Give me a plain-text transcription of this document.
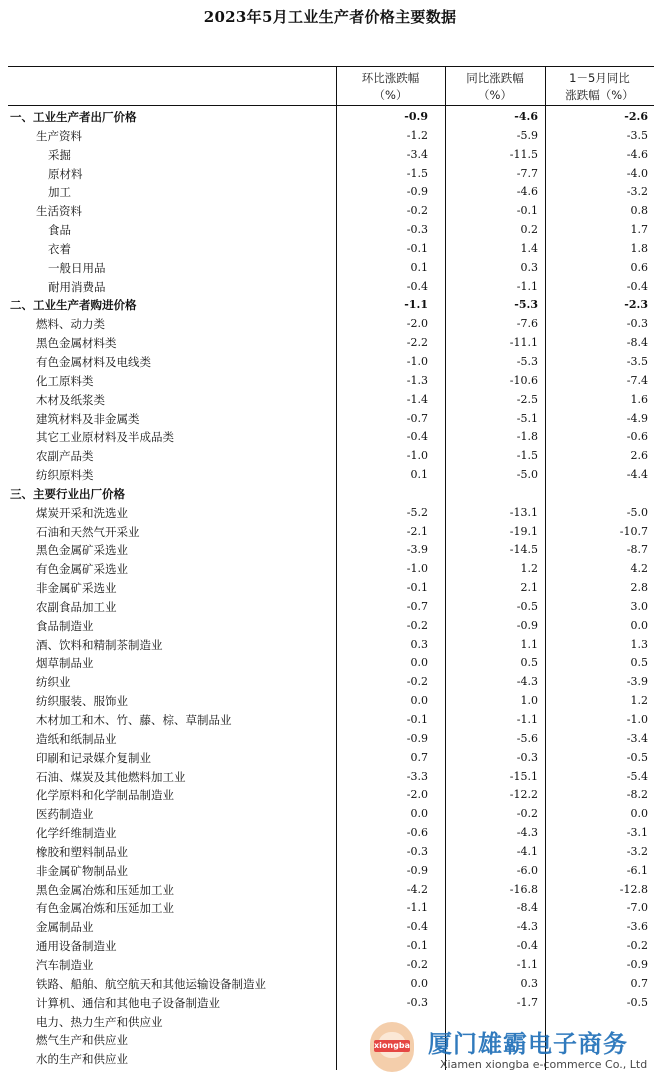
2023年5月工业生产者价格主要数据
环比涨跌幅
（%）
同比涨跌幅
（%）
1－5月同比
涨跌幅（%）
一、工业生产者出厂价格	-0.9	-4.6	-2.6
生产资料	-1.2	-5.9	-3.5
采掘	-3.4	-11.5	-4.6
原材料	-1.5	-7.7	-4.0
加工	-0.9	-4.6	-3.2
生活资料	-0.2	-0.1	0.8
食品	-0.3	0.2	1.7
衣着	-0.1	1.4	1.8
一般日用品	0.1	0.3	0.6
耐用消费品	-0.4	-1.1	-0.4
二、工业生产者购进价格	-1.1	-5.3	-2.3
燃料、动力类	-2.0	-7.6	-0.3
黑色金属材料类	-2.2	-11.1	-8.4
有色金属材料及电线类	-1.0	-5.3	-3.5
化工原料类	-1.3	-10.6	-7.4
木材及纸浆类	-1.4	-2.5	1.6
建筑材料及非金属类	-0.7	-5.1	-4.9
其它工业原材料及半成品类	-0.4	-1.8	-0.6
农副产品类	-1.0	-1.5	2.6
纺织原料类	0.1	-5.0	-4.4
三、主要行业出厂价格
煤炭开采和洗选业	-5.2	-13.1	-5.0
石油和天然气开采业	-2.1	-19.1	-10.7
黑色金属矿采选业	-3.9	-14.5	-8.7
有色金属矿采选业	-1.0	1.2	4.2
非金属矿采选业	-0.1	2.1	2.8
农副食品加工业	-0.7	-0.5	3.0
食品制造业	-0.2	-0.9	0.0
酒、饮料和精制茶制造业	0.3	1.1	1.3
烟草制品业	0.0	0.5	0.5
纺织业	-0.2	-4.3	-3.9
纺织服装、服饰业	0.0	1.0	1.2
木材加工和木、竹、藤、棕、草制品业	-0.1	-1.1	-1.0
造纸和纸制品业	-0.9	-5.6	-3.4
印刷和记录媒介复制业	0.7	-0.3	-0.5
石油、煤炭及其他燃料加工业	-3.3	-15.1	-5.4
化学原料和化学制品制造业	-2.0	-12.2	-8.2
医药制造业	0.0	-0.2	0.0
化学纤维制造业	-0.6	-4.3	-3.1
橡胶和塑料制品业	-0.3	-4.1	-3.2
非金属矿物制品业	-0.9	-6.0	-6.1
黑色金属冶炼和压延加工业	-4.2	-16.8	-12.8
有色金属冶炼和压延加工业	-1.1	-8.4	-7.0
金属制品业	-0.4	-4.3	-3.6
通用设备制造业	-0.1	-0.4	-0.2
汽车制造业	-0.2	-1.1	-0.9
铁路、船舶、航空航天和其他运输设备制造业	0.0	0.3	0.7
计算机、通信和其他电子设备制造业	-0.3	-1.7	-0.5
电力、热力生产和供应业
燃气生产和供应业
水的生产和供应业
xiongba 厦门雄霸电子商务
Xiamen xiongba e-commerce Co., Ltd
